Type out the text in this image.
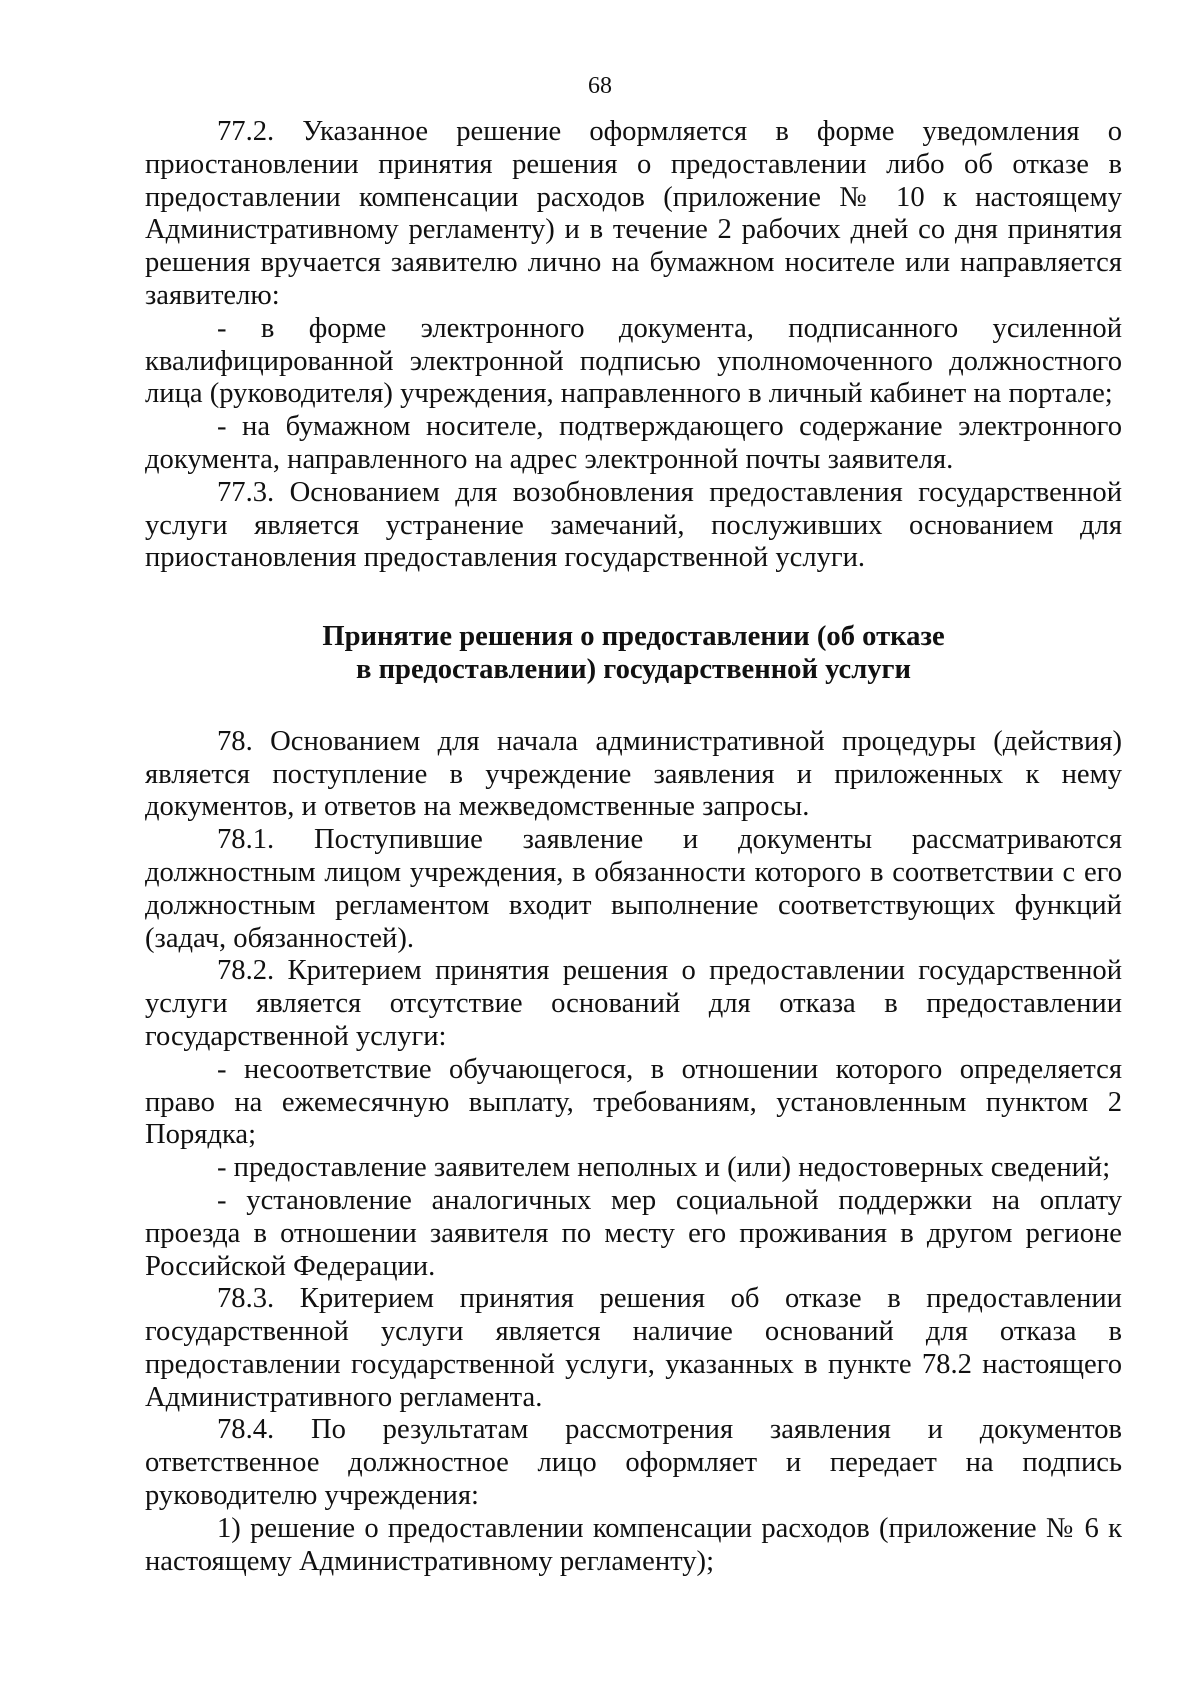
68

77.2. Указанное решение оформляется в форме уведомления о приостановлении принятия решения о предоставлении либо об отказе в предоставлении компенсации расходов (приложение № 10 к настоящему Административному регламенту) и в течение 2 рабочих дней со дня принятия решения вручается заявителю лично на бумажном носителе или направляется заявителю:

- в форме электронного документа, подписанного усиленной квалифицированной электронной подписью уполномоченного должностного лица (руководителя) учреждения, направленного в личный кабинет на портале;

- на бумажном носителе, подтверждающего содержание электронного документа, направленного на адрес электронной почты заявителя.

77.3. Основанием для возобновления предоставления государственной услуги является устранение замечаний, послуживших основанием для приостановления предоставления государственной услуги.

Принятие решения о предоставлении (об отказе
в предоставлении) государственной услуги

78. Основанием для начала административной процедуры (действия) является поступление в учреждение заявления и приложенных к нему документов, и ответов на межведомственные запросы.

78.1. Поступившие заявление и документы рассматриваются должностным лицом учреждения, в обязанности которого в соответствии с его должностным регламентом входит выполнение соответствующих функций (задач, обязанностей).

78.2. Критерием принятия решения о предоставлении государственной услуги является отсутствие оснований для отказа в предоставлении государственной услуги:

- несоответствие обучающегося, в отношении которого определяется право на ежемесячную выплату, требованиям, установленным пунктом 2 Порядка;

- предоставление заявителем неполных и (или) недостоверных сведений;

- установление аналогичных мер социальной поддержки на оплату проезда в отношении заявителя по месту его проживания в другом регионе Российской Федерации.

78.3. Критерием принятия решения об отказе в предоставлении государственной услуги является наличие оснований для отказа в предоставлении государственной услуги, указанных в пункте 78.2 настоящего Административного регламента.

78.4. По результатам рассмотрения заявления и документов ответственное должностное лицо оформляет и передает на подпись руководителю учреждения:

1) решение о предоставлении компенсации расходов (приложение № 6 к настоящему Административному регламенту);
